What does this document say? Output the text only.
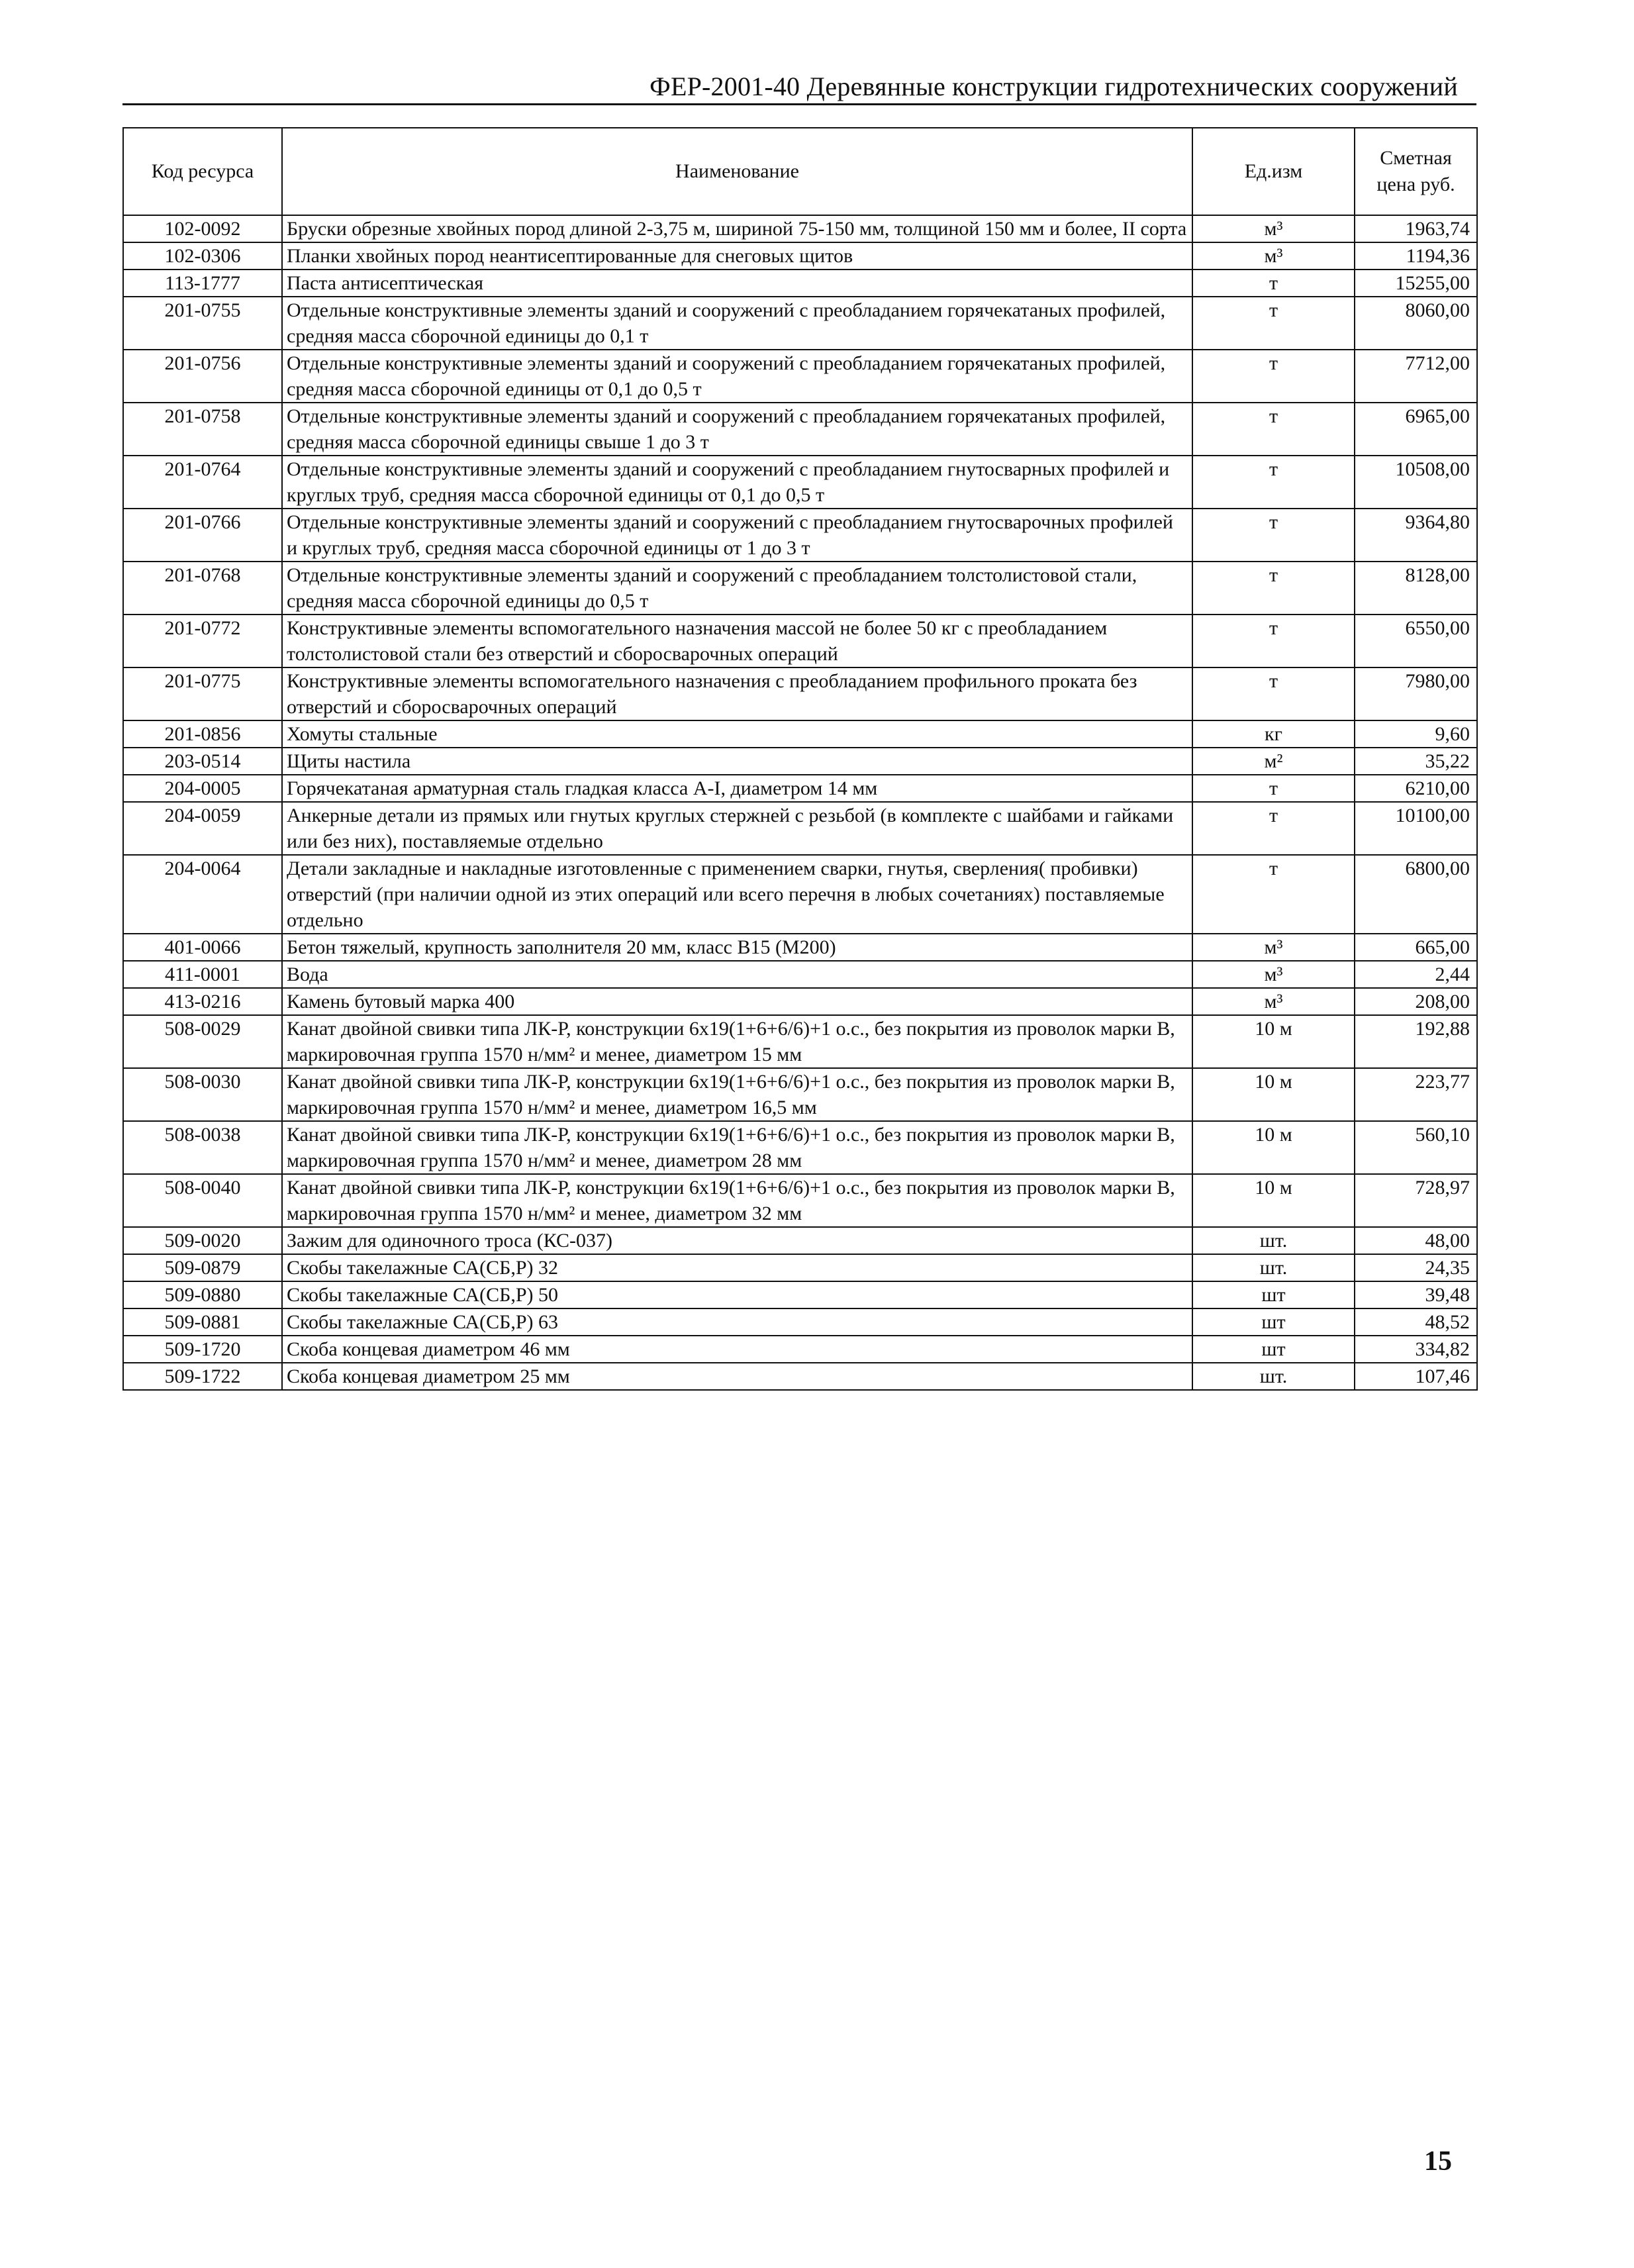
ФЕР-2001-40 Деревянные конструкции гидротехнических сооружений
Код ресурса	Наименование	Ед.изм	Сметная цена руб.
102-0092	Бруски обрезные хвойных пород длиной 2-3,75 м, шириной 75-150 мм, толщиной 150 мм и более, II сорта	м³	1963,74
102-0306	Планки хвойных пород неантисептированные для снеговых щитов	м³	1194,36
113-1777	Паста антисептическая	т	15255,00
201-0755	Отдельные конструктивные элементы зданий и сооружений с преобладанием горячекатаных профилей, средняя масса сборочной единицы до 0,1 т	т	8060,00
201-0756	Отдельные конструктивные элементы зданий и сооружений с преобладанием горячекатаных профилей, средняя масса сборочной единицы от 0,1 до 0,5 т	т	7712,00
201-0758	Отдельные конструктивные элементы зданий и сооружений с преобладанием горячекатаных профилей, средняя масса сборочной единицы свыше 1 до 3 т	т	6965,00
201-0764	Отдельные конструктивные элементы зданий и сооружений с преобладанием гнутосварных профилей и круглых труб, средняя масса сборочной единицы от 0,1 до 0,5 т	т	10508,00
201-0766	Отдельные конструктивные элементы зданий и сооружений с преобладанием гнутосварочных профилей и круглых труб, средняя масса сборочной единицы от 1 до 3 т	т	9364,80
201-0768	Отдельные конструктивные элементы зданий и сооружений с преобладанием толстолистовой стали, средняя масса сборочной единицы до 0,5 т	т	8128,00
201-0772	Конструктивные элементы вспомогательного назначения массой не более 50 кг с преобладанием толстолистовой стали без отверстий и сборосварочных операций	т	6550,00
201-0775	Конструктивные элементы вспомогательного назначения с преобладанием профильного проката без отверстий и сборосварочных операций	т	7980,00
201-0856	Хомуты стальные	кг	9,60
203-0514	Щиты настила	м²	35,22
204-0005	Горячекатаная арматурная сталь гладкая класса А-I, диаметром 14 мм	т	6210,00
204-0059	Анкерные детали из прямых или гнутых круглых стержней с резьбой (в комплекте с шайбами и гайками или без них), поставляемые отдельно	т	10100,00
204-0064	Детали закладные и накладные изготовленные с применением сварки, гнутья, сверления( пробивки) отверстий (при наличии одной из этих операций или всего перечня в любых сочетаниях) поставляемые отдельно	т	6800,00
401-0066	Бетон тяжелый, крупность заполнителя 20 мм, класс В15 (М200)	м³	665,00
411-0001	Вода	м³	2,44
413-0216	Камень бутовый марка 400	м³	208,00
508-0029	Канат двойной свивки типа ЛК-Р, конструкции 6х19(1+6+6/6)+1 о.с., без покрытия из проволок марки В, маркировочная группа 1570 н/мм² и менее, диаметром 15 мм	10 м	192,88
508-0030	Канат двойной свивки типа ЛК-Р, конструкции 6х19(1+6+6/6)+1 о.с., без покрытия из проволок марки В, маркировочная группа 1570 н/мм² и менее, диаметром 16,5 мм	10 м	223,77
508-0038	Канат двойной свивки типа ЛК-Р, конструкции 6х19(1+6+6/6)+1 о.с., без покрытия из проволок марки В, маркировочная группа 1570 н/мм² и менее, диаметром 28 мм	10 м	560,10
508-0040	Канат двойной свивки типа ЛК-Р, конструкции 6х19(1+6+6/6)+1 о.с., без покрытия из проволок марки В, маркировочная группа 1570 н/мм² и менее, диаметром 32 мм	10 м	728,97
509-0020	Зажим для одиночного троса (КС-037)	шт.	48,00
509-0879	Скобы такелажные СА(СБ,Р) 32	шт.	24,35
509-0880	Скобы такелажные СА(СБ,Р) 50	шт	39,48
509-0881	Скобы такелажные СА(СБ,Р) 63	шт	48,52
509-1720	Скоба концевая диаметром 46 мм	шт	334,82
509-1722	Скоба концевая диаметром 25 мм	шт.	107,46
15
